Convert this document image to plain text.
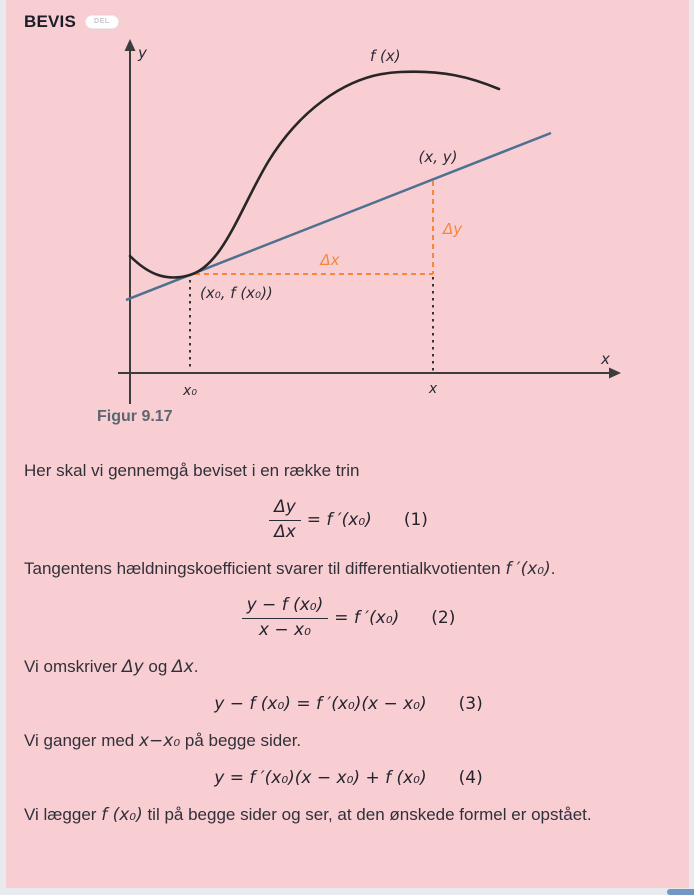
BEVIS	DEL
y	f (x)
(x, y)
Δy
Δx
(x₀, f (x₀))
x₀	x
x
Figur 9.17

Her skal vi gennemgå beviset i en række trin

$\frac{\Delta y}{\Delta x} = f$ ′(x₀) (1)

Tangentens hældningskoefficient svarer til differentialkvotienten f ′(x₀).

$\frac{\text{y − f (x₀)}}{\text{x − x₀}} = f$ ′(x₀) (2)

Vi omskriver Δy og Δx.

y − f (x₀) = f ′(x₀)(x − x₀) (3)

Vi ganger med x−x₀ på begge sider.

y = f ′(x₀)(x − x₀) + f (x₀) (4)

Vi lægger f (x₀) til på begge sider og ser, at den ønskede formel er opstået.
